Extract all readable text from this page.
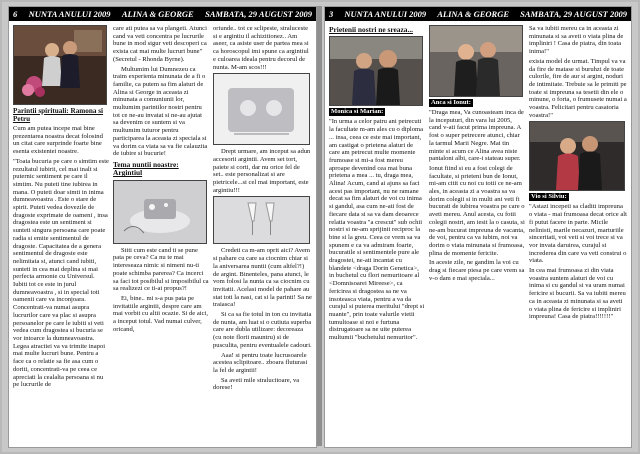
6 NUNTA ANULUI 2009 ALINA & GEORGE SAMBATA, 29 AUGUST 2009
Parintii spirituali: Ramona si Petru

Cum am putea incepe mai bine prezentarea noastra decat folosind un citat care surprinde foarte bine esenta existentei noastre.

"Toata bucuria pe care o simtim este rezultatul iubirii, cel mai inalt si puternic sentiment pe care il simtim. Nu puteti tine iubirea in mana. O puteti doar simti in inima dumneavoastra . Este o stare de spirit. Puteti vedea dovezile de dragoste exprimate de oameni , insa dragostea este un sentiment si sunteti singura persoana care poate radia si emite sentimentul de dragoste. Capacitatea de a genera sentimentul de dragoste este nelimitata si, atunci cand iubiti, sunteti in cea mai deplina si mai perfecta armonie cu Universul. Iubiti tot ce este in jurul dumneavoastra , si in special toti oamenii care va inconjoara. Concentrati-va numai asupra lucrurilor care va plac si asupra persoanelor pe care le iubiti si veti vedea cum dragostea si bucuria se vor intoarce la dumneavoastra. Legea atractiei va va trimite inapoi mai multe lucruri bune. Pentru a face ca o relatie sa fie asa cum o doriti, concentrati-va pe ceea ce apreciati la cealalta persoana si nu pe lucrurile de

care ati putea sa va plangeti. Atunci cand va veti concentra pe lucrurile bune in mod sigur veti descoperi ca exista cat mai multe lucruri bune" (Secretul - Rhonda Byrne).

Multumim lui Dumnezeu ca traim experienta minunata de a fi o familie, ca putem sa fim alaturi de Alina si George in aceasta zi minunata a comuniunii lor, multumim parintilor nostri pentru tot ce ne-au invatat si ne-au ajutat sa devenim ce suntem si va multumim tuturor pentru participarea la aceasta zi speciala si va dorim ca viata sa va fie calauzita de iubire si bucurie!

Tema nuntii noastre: Argintiul

Stiti cum este cand ti se pune pata pe ceva? Ca nu te mai intereseaza nimic si nimeni nu-ti poate schimba parerea? Ca incerci sa faci tot posibilul si imposibilul ca sa realizezi ce ti-ai propus?!

Ei, bine.. mi s-a pus pata pe invitatiile argintii, despre care am mai vorbit cu altii ocazie. Si de aici, a inceput totul. Vad numai culver, oricand,

oriunde.. tot ce sclipeste, straluceste si e argintiu il achizitionez.. Am aseer, ca asiste user de partea mea si ca horoscopul imi spune ca argintiul e culoarea ideala pentru decorul de nunta. M-am scos!!!

Drept urmare, am inceput sa adun accesorii argintii. Avem set tort, paiete si corti, dar nu orice fel de set.. este personalizat si are pietricele...si cel mai important, este argintiu!!!

Credeti ca m-am oprit aici? Avem si pahare cu care sa ciocnim chiar si la aniversarea nuntii (cum altfel?!) de argint. Binenteles, pana atunci, le vom folosi la nunta ca sa ciocnim cu invitatii. Acelasi model de pahare au stat toti la nasi, cat si la parinti! Sa ne traiasca!

Si ca sa fie totul in ton cu invitatia de nunta, am luat si o cutiuta superba care are dubla utilizare: decoreaza (cu note florii mauntru) si de pusculita, pentru eventualele cadouri.

Aaa! si pentru toate lucrusoarele acestea sclipitoare.. zboara fluturasi la fel de argintii!

Sa aveti mile stralucitoare, va dorese!

3 NUNTA ANULUI 2009 ALINA & GEORGE SAMBATA, 29 AUGUST 2009
Prietenii nostri ne sreaza...
Monica si Marian:

"In urma a celor patru ani petrecuti la facultate m-am ales cu o diploma ... insa, ceea ce este mai important, am castigat o prietena alaturi de care am petrecut multe momente frumoase si mi-a fost mereu aproape devenind cea mai buna prietena a mea ... tu, draga mea, Alina! Acum, cand ai ajuns sa faci acest pas important, nu ne ramane decat sa fim alaturi de voi cu inima si gandul, asa cum ne-ati fost de fiecare data si sa va dam deoarece relatia voastra "a crescut" sub ochii nostri si ne-am sprijinit reciproc la bine si la greu. Ceea ce vrem sa va spunem e ca va admiram foarte, bucuratile si sentimentele pure ale dragostei, ne-ati incantat cu blandete <draga Dorin Genetica>, in buchetul cu flori nemuritoare al <Domnisoarei Mireese>, ca fericirea si dragostea sa ne va insoteasca viata, pentru a va da curajul si puterea meritului "drept si nuante", prin toate valurile vietii tumultoase si noi e furtuna distrugatoare sa ne uite puterea multumii "buchetului nemuritor".

Anca si Ionut:

"Draga mea, Va cunoasteam inca de la inceputuri, din vara lui 2005, cand v-ati facut prima impreuna. A fost o super petrecere atunci, chiar la tarmul Marii Negre. Mai tin minte si acum ce Alina avea niste pantaloni albi, care-i stateau super.

Ionut fiind si eu a fost colegi de facultate, si prieteni bun de Ionut, mi-am citit cu noi cu totii ce ne-am ales, in aceasta zi a voastra sa va dorim colegii si in multi ani veti fi bucurati de iubirea voastra pe care o aveti mereu. Anul acesta, cu fotii colegii nostri, am iesit la o casuta, si ne-am bucurat impreuna de vacanta, de voi, pentru ca va iubim, noi va dorim o viata minunata si frumoasa, plina de momente fericite.

In aceste zile, ne gandim la voi cu drag si fiecare piesa pe care vrem sa v-o dam e mai speciala...

Sa va iubiti mereu ca in aceasta zi minunata si sa aveti o viata plina de impliniri ! Casa de piatra, din toata inima!"

exista model de urmat. Timpul va va da fire de matase si buruhzi de toate culorile, fire de aur si argint, noduri de intimitate. Trebuie sa le primiti pe toate si impreuna sa tesetii din ele o minune, o forta, o frumusete numai a voastra. Felicitari pentru casatoria voastra!"

Vio si Silviu:

"Astazi incepeti sa claditi impreuna o viata - mai frumoasa decat orice alt fi putut facere in parte. Micile nelinisti, marile necazuri, marturiile sinceritati, voi veti si voi trece si va vor invata daruirea, curajul si increderea din care va veti construi o viata.

In cea mai frumoasa zi din viata voastra suntem alaturi de voi cu inima si cu gandul si va uram numai fericire si bucurii. Sa va iubiti mereu ca in aceasta zi minunata si sa aveti o viata plina de fericire si impliniri impreuna! Casa de piatra!!!!!!!"
